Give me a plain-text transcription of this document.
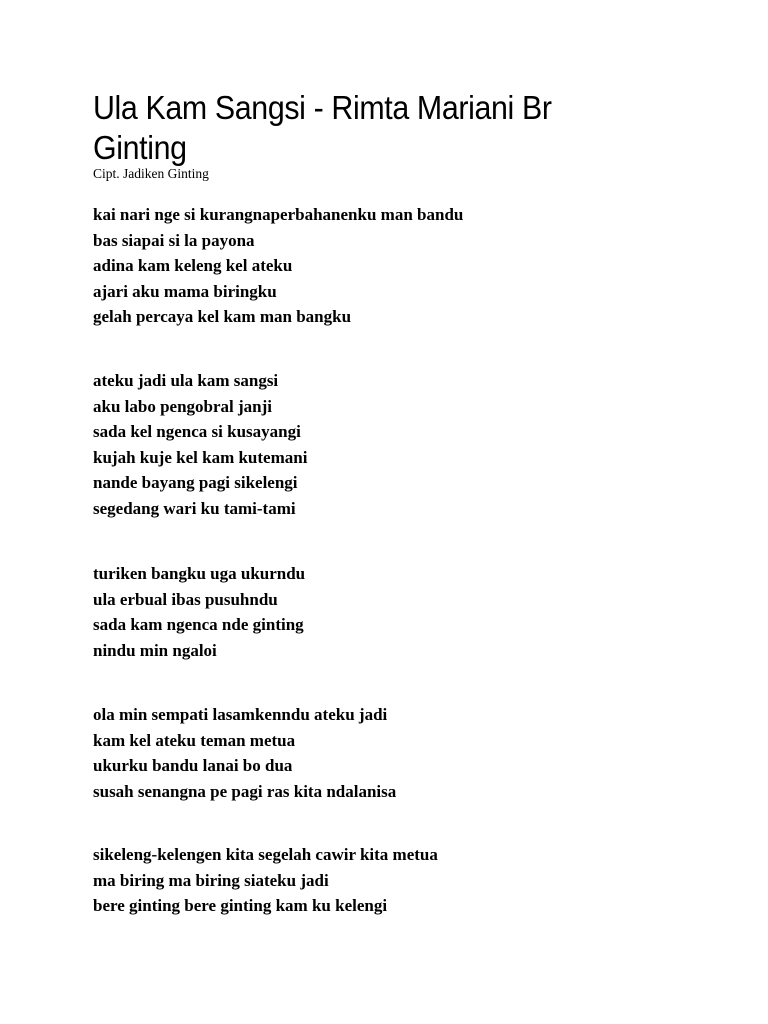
Ula Kam Sangsi - Rimta Mariani Br Ginting
Cipt. Jadiken Ginting
kai nari nge si kurangnaperbahanenku man bandu
bas siapai si la payona
adina kam keleng kel ateku
ajari aku mama biringku
gelah percaya kel kam man bangku
ateku jadi ula kam sangsi
aku labo pengobral janji
sada kel ngenca si kusayangi
kujah kuje kel kam kutemani
nande bayang pagi sikelengi
segedang wari ku tami-tami
turiken bangku uga ukurndu
ula erbual ibas pusuhndu
sada kam ngenca nde ginting
nindu min ngaloi
ola min sempati lasamkenndu ateku jadi
kam kel ateku teman metua
ukurku bandu lanai bo dua
susah senangna pe pagi ras kita ndalanisa
sikeleng-kelengen kita segelah cawir kita metua
ma biring ma biring siateku jadi
bere ginting bere ginting kam ku kelengi
